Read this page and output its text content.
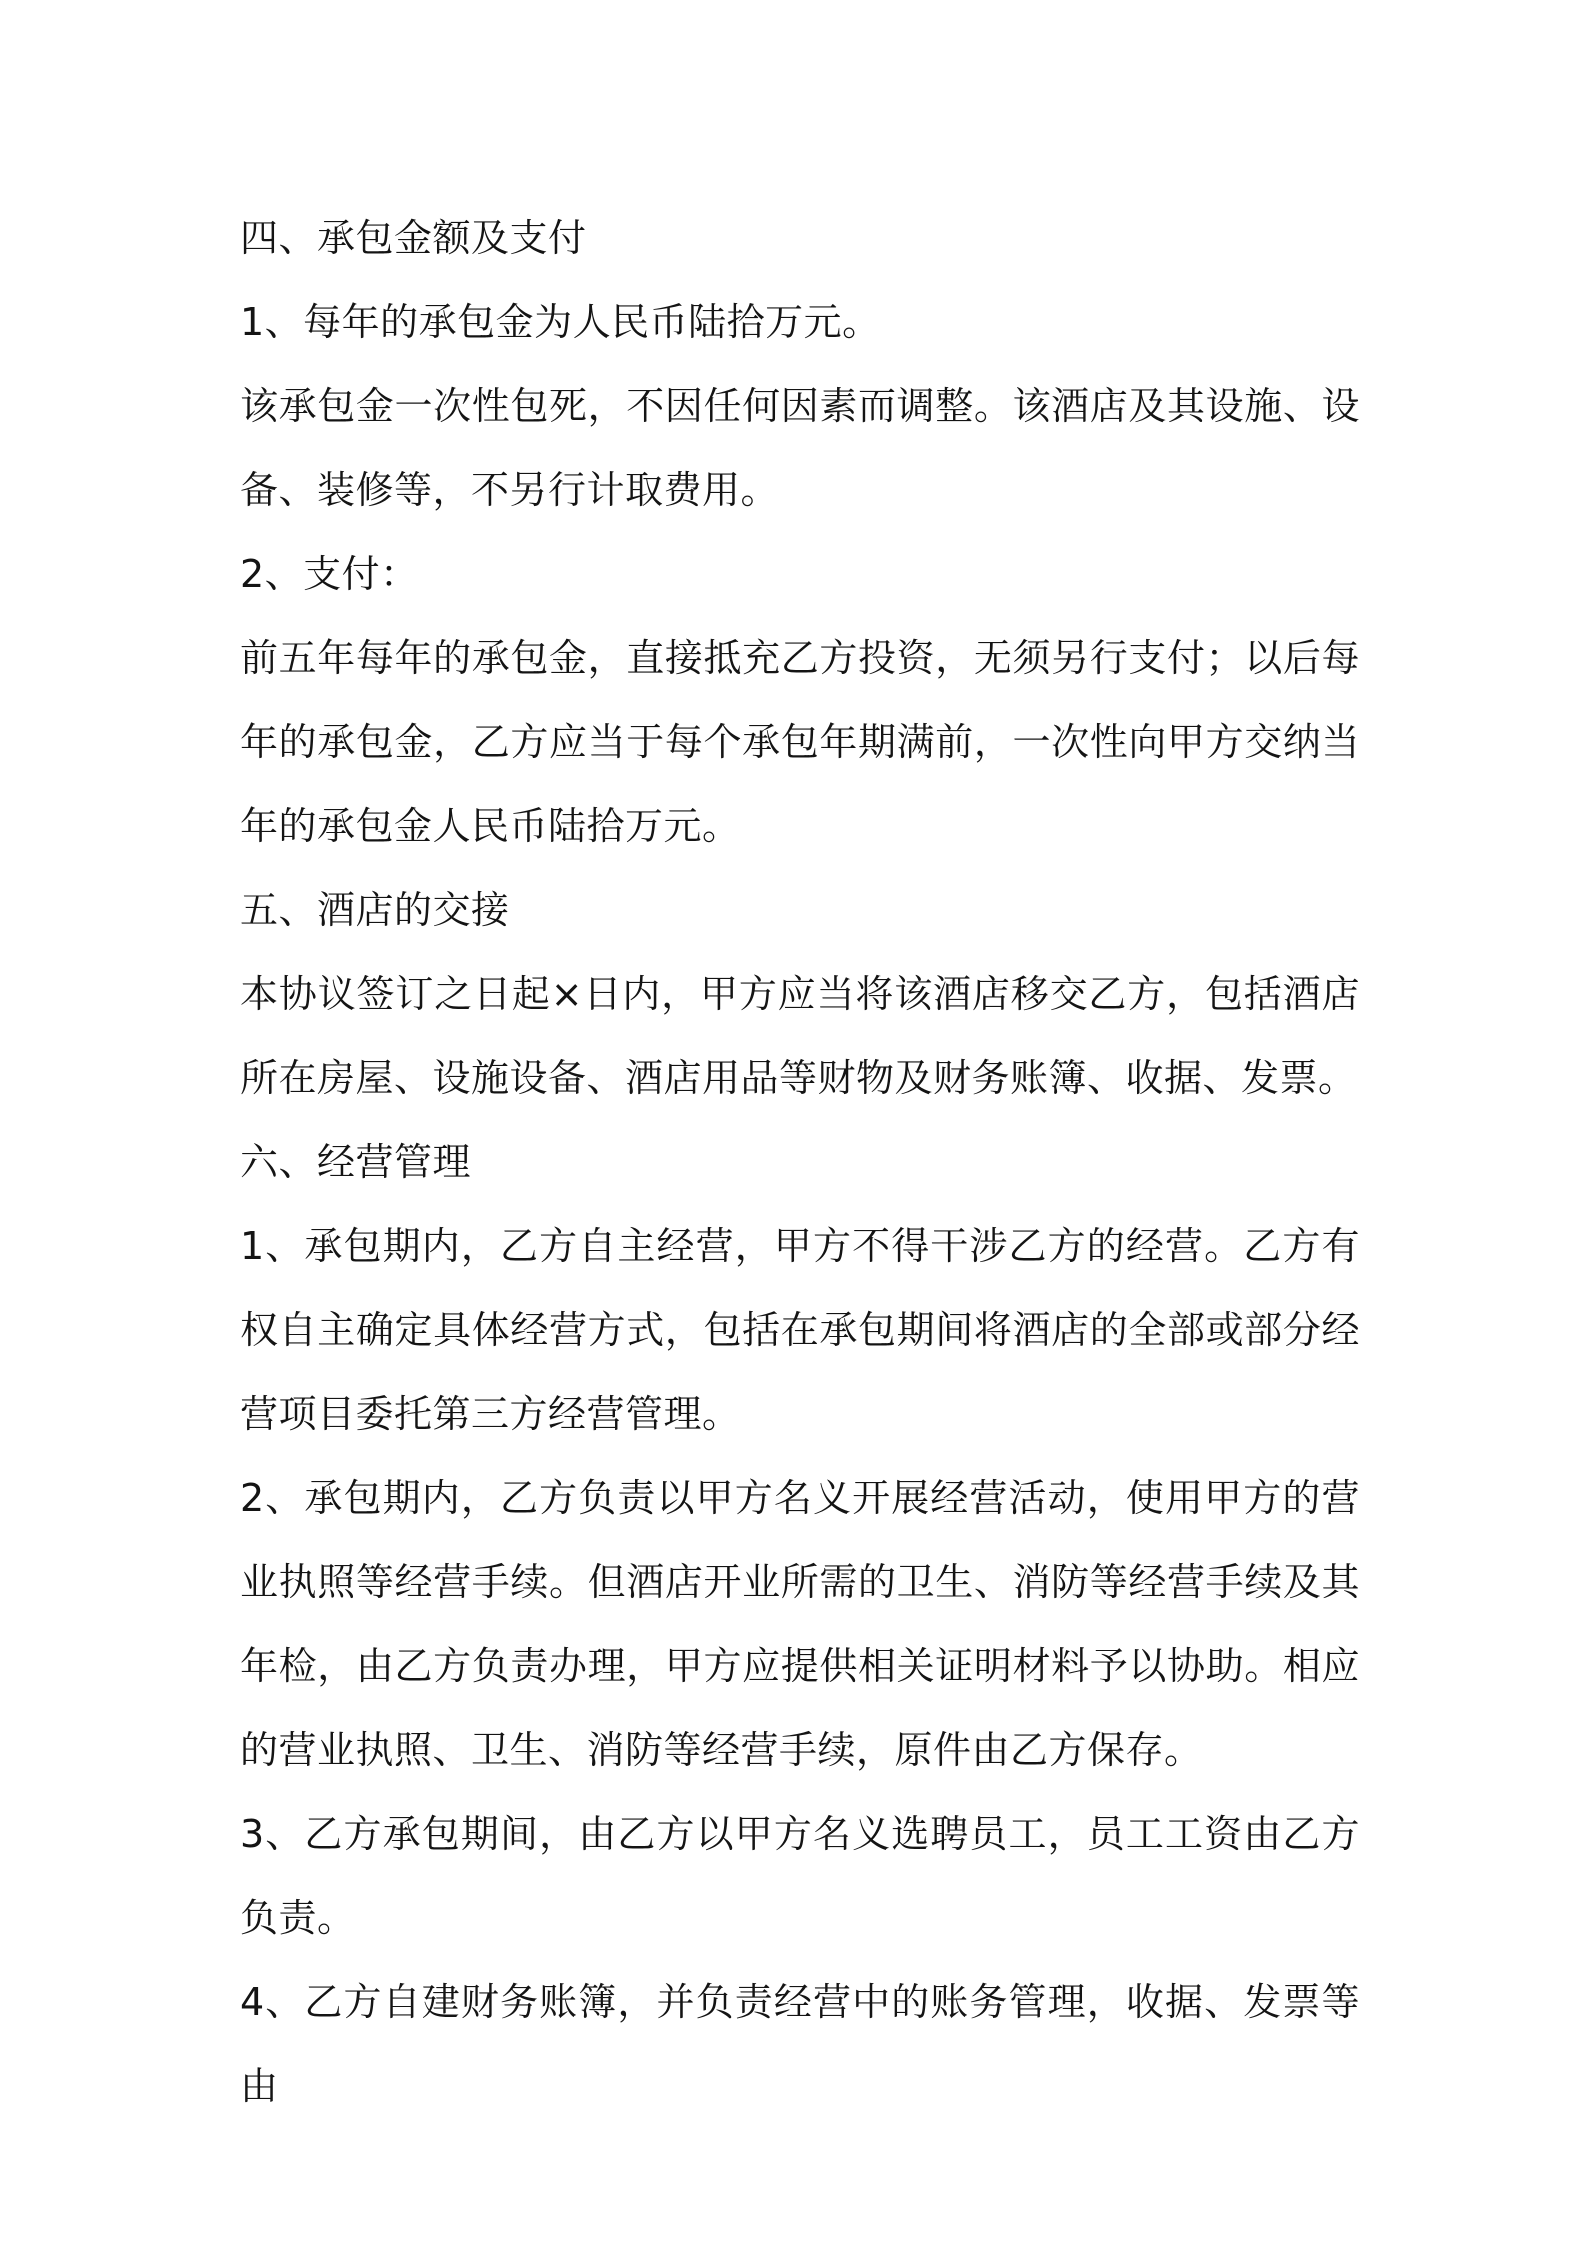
四、承包金额及支付

1、每年的承包金为人民币陆拾万元。

该承包金一次性包死，不因任何因素而调整。该酒店及其设施、设备、装修等，不另行计取费用。

2、支付：

前五年每年的承包金，直接抵充乙方投资，无须另行支付；以后每年的承包金，乙方应当于每个承包年期满前，一次性向甲方交纳当年的承包金人民币陆拾万元。

五、酒店的交接

本协议签订之日起×日内，甲方应当将该酒店移交乙方，包括酒店所在房屋、设施设备、酒店用品等财物及财务账簿、收据、发票。

六、经营管理

1、承包期内，乙方自主经营，甲方不得干涉乙方的经营。乙方有权自主确定具体经营方式，包括在承包期间将酒店的全部或部分经营项目委托第三方经营管理。

2、承包期内，乙方负责以甲方名义开展经营活动，使用甲方的营业执照等经营手续。但酒店开业所需的卫生、消防等经营手续及其年检，由乙方负责办理，甲方应提供相关证明材料予以协助。相应的营业执照、卫生、消防等经营手续，原件由乙方保存。

3、乙方承包期间，由乙方以甲方名义选聘员工，员工工资由乙方负责。

4、乙方自建财务账簿，并负责经营中的账务管理，收据、发票等由
